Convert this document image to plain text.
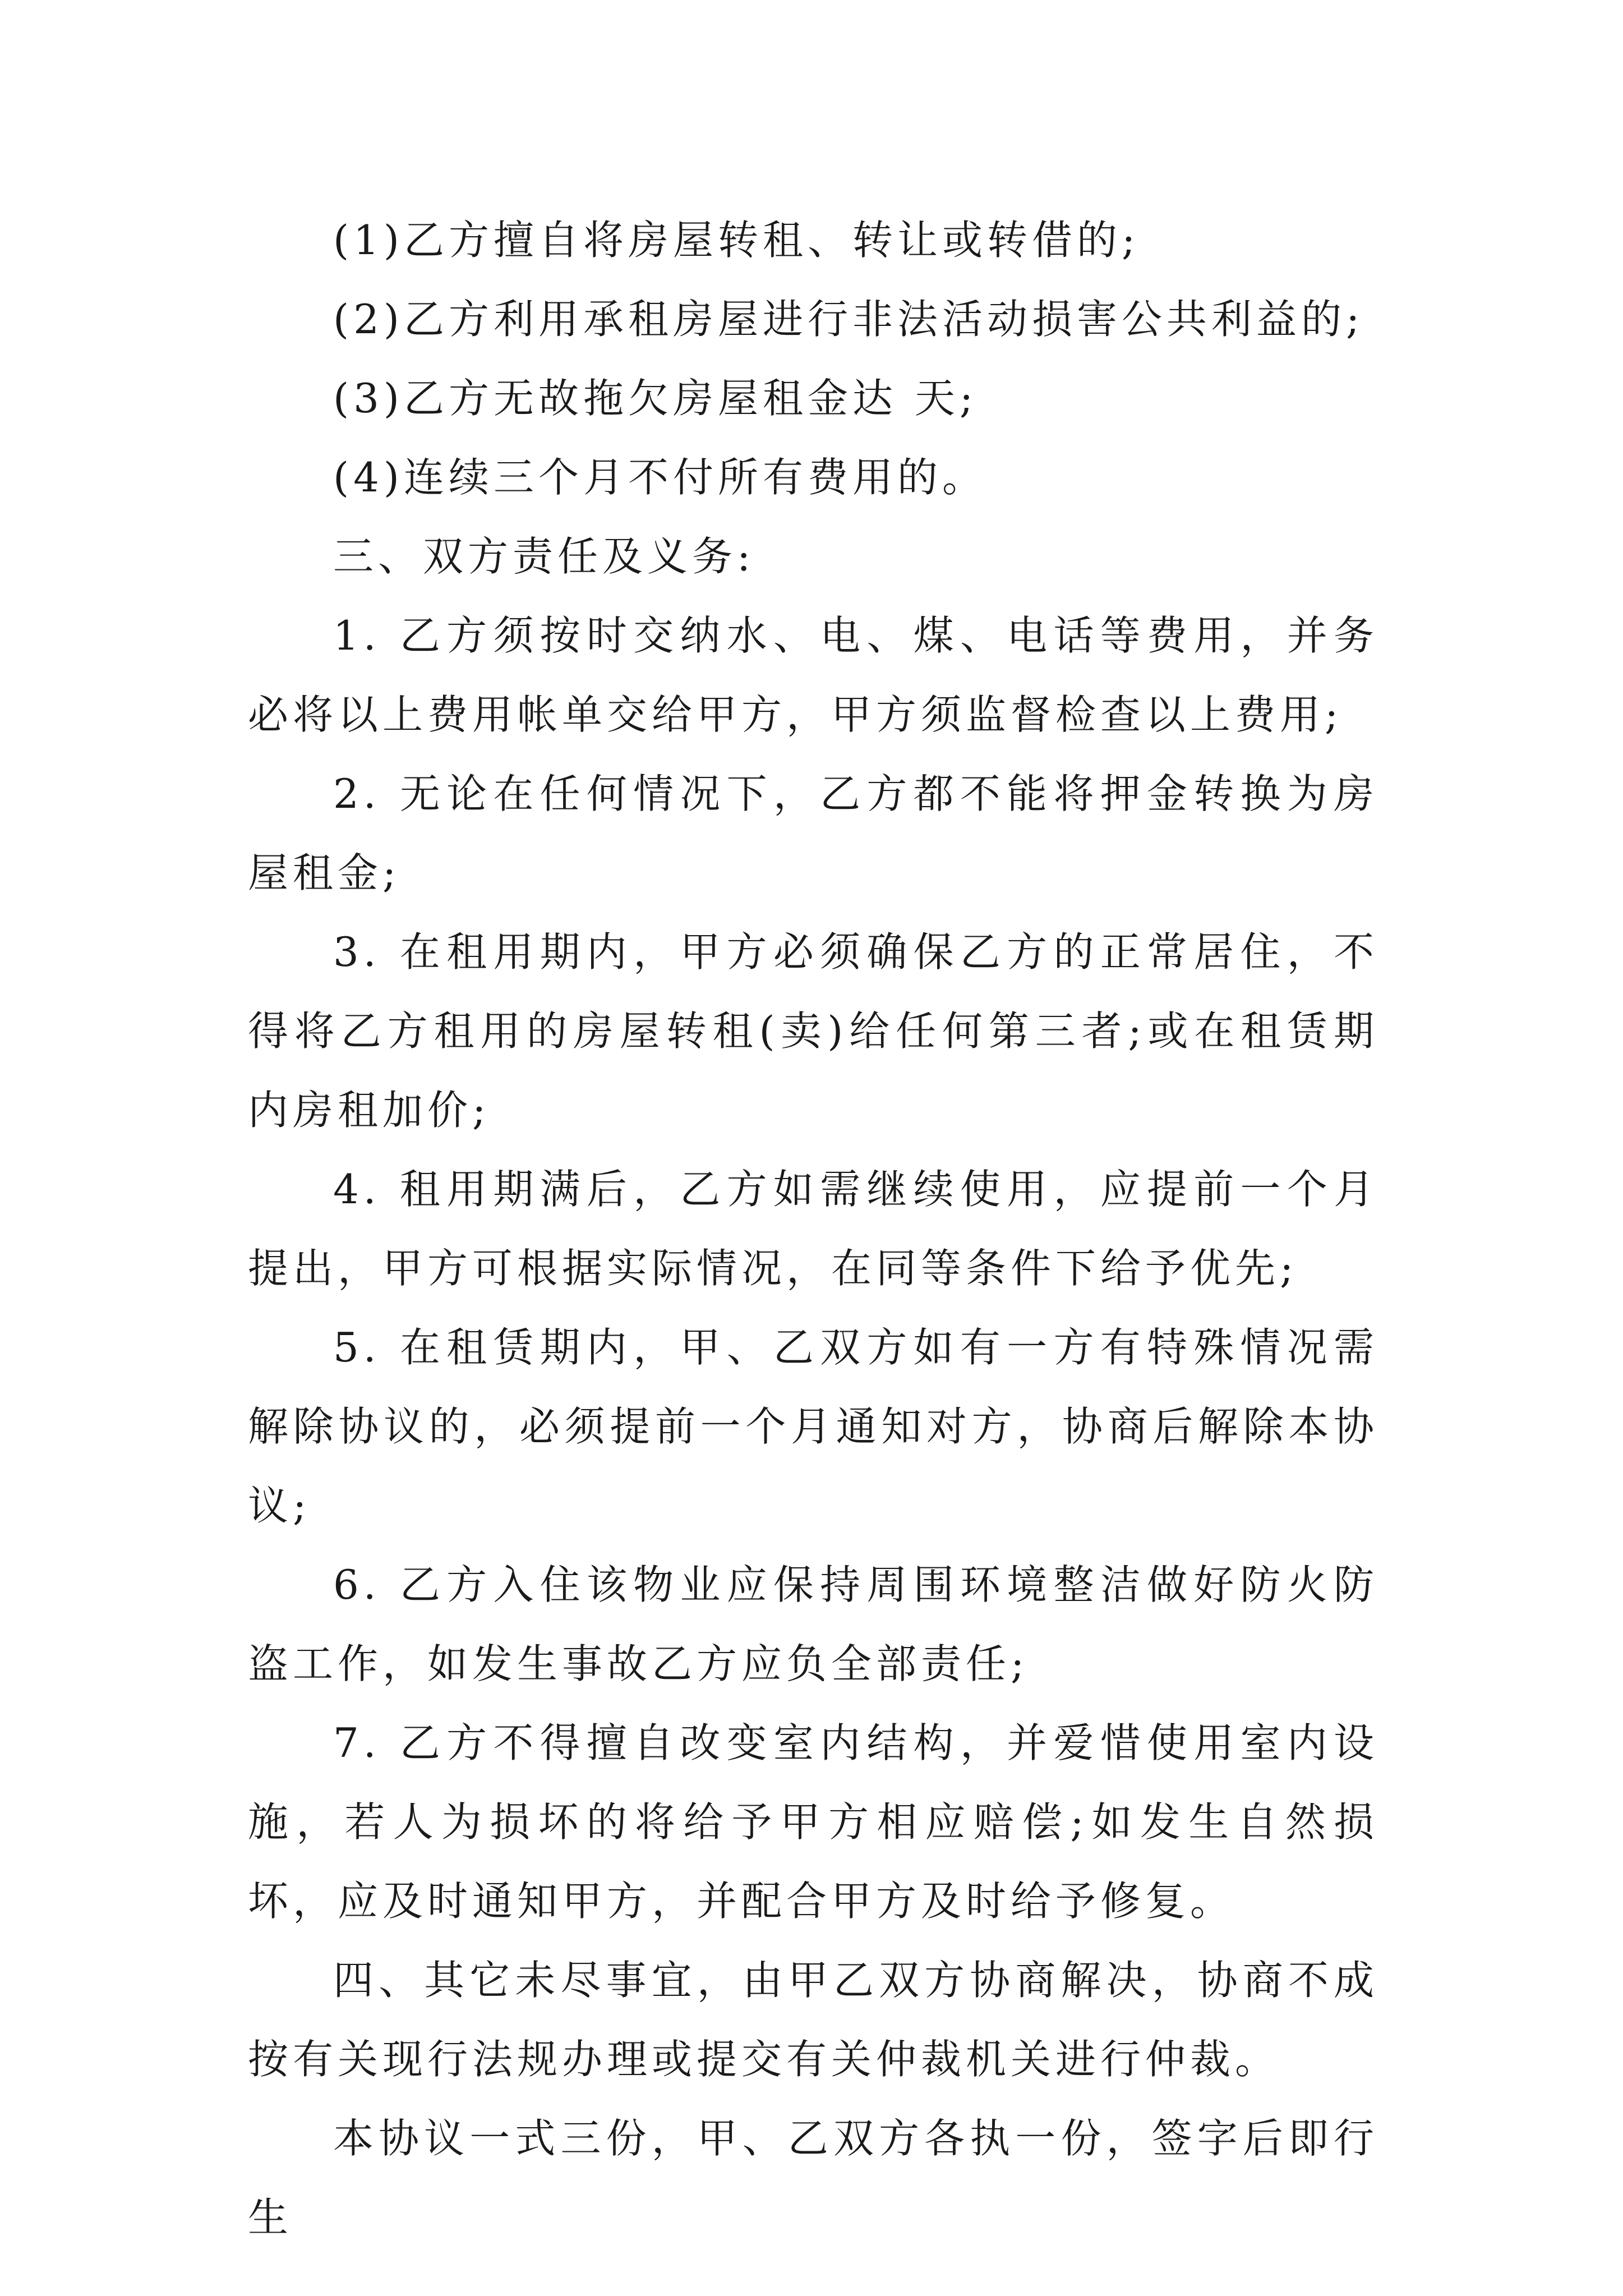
(1)乙方擅自将房屋转租、转让或转借的;

(2)乙方利用承租房屋进行非法活动损害公共利益的;

(3)乙方无故拖欠房屋租金达 天;

(4)连续三个月不付所有费用的。

三、双方责任及义务:

1. 乙方须按时交纳水、电、煤、电话等费用，并务必将以上费用帐单交给甲方，甲方须监督检查以上费用;

2. 无论在任何情况下，乙方都不能将押金转换为房屋租金;

3. 在租用期内，甲方必须确保乙方的正常居住，不得将乙方租用的房屋转租(卖)给任何第三者;或在租赁期内房租加价;

4. 租用期满后，乙方如需继续使用，应提前一个月提出，甲方可根据实际情况，在同等条件下给予优先;

5. 在租赁期内，甲、乙双方如有一方有特殊情况需解除协议的，必须提前一个月通知对方，协商后解除本协议;

6. 乙方入住该物业应保持周围环境整洁做好防火防盗工作，如发生事故乙方应负全部责任;

7. 乙方不得擅自改变室内结构，并爱惜使用室内设施，若人为损坏的将给予甲方相应赔偿;如发生自然损坏，应及时通知甲方，并配合甲方及时给予修复。

四、其它未尽事宜，由甲乙双方协商解决，协商不成按有关现行法规办理或提交有关仲裁机关进行仲裁。

本协议一式三份，甲、乙双方各执一份，签字后即行生
